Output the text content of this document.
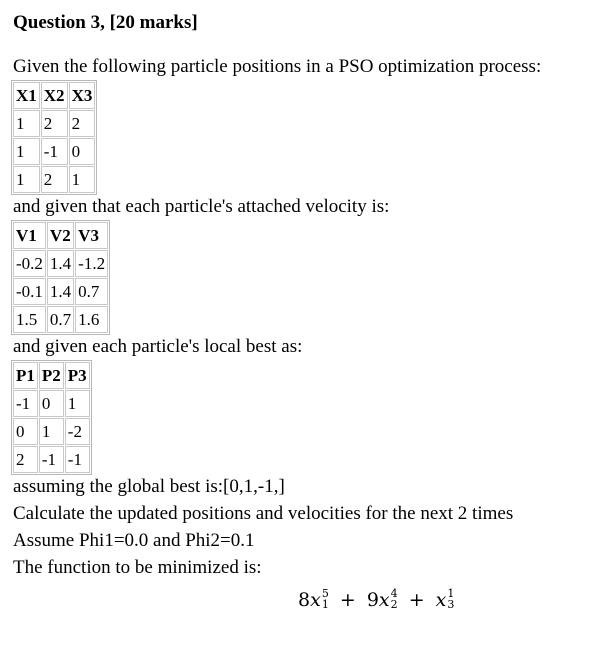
Question 3, [20 marks]

Given the following particle positions in a PSO optimization process:

X1	X2	X3
1	2	2
1	-1	0
1	2	1

and given that each particle's attached velocity is:

V1	V2	V3
-0.2	1.4	-1.2
-0.1	1.4	0.7
1.5	0.7	1.6

and given each particle's local best as:

P1	P2	P3
-1	0	1
0	1	-2
2	-1	-1

assuming the global best is:[0,1,-1,]

Calculate the updated positions and velocities for the next 2 times

Assume Phi1=0.0 and Phi2=0.1

The function to be minimized is:

8x 5
1 + 9x 4
2 + x 1
3
